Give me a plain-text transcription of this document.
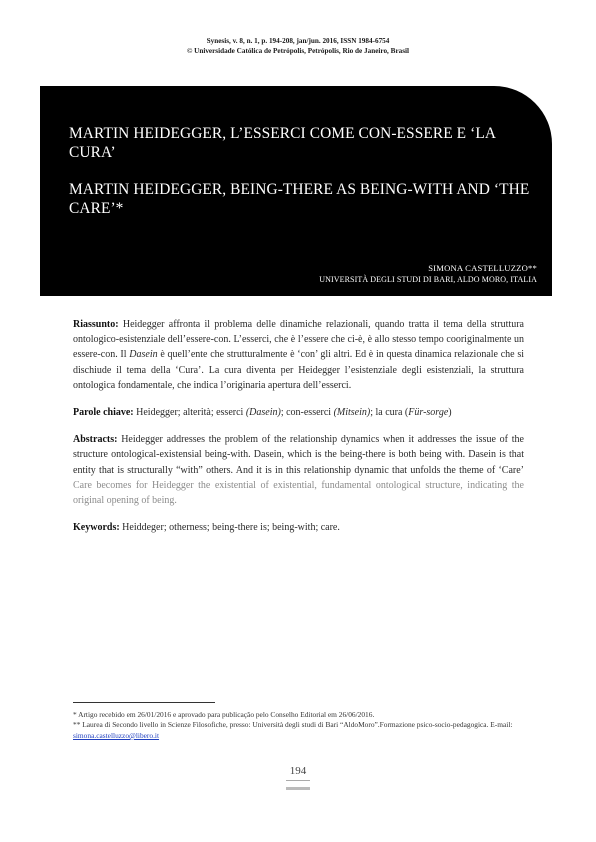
Synesis, v. 8, n. 1, p. 194-208, jan/jun. 2016, ISSN 1984-6754
© Universidade Católica de Petrópolis, Petrópolis, Rio de Janeiro, Brasil
MARTIN HEIDEGGER, L’ESSERCI COME CON-ESSERE E ‘LA CURA’
MARTIN HEIDEGGER, BEING-THERE AS BEING-WITH AND ‘THE CARE’*
SIMONA CASTELLUZZO**
UNIVERSITÀ DEGLI STUDI DI BARI, ALDO MORO, ITALIA

Riassunto: Heidegger affronta il problema delle dinamiche relazionali, quando tratta il tema della struttura ontologico-esistenziale dell’essere-con. L’esserci, che è l’essere che ci-è, è allo stesso tempo cooriginalmente un essere-con. Il Dasein è quell’ente che strutturalmente è ‘con’ gli altri. Ed è in questa dinamica relazionale che si dischiude il tema della ‘Cura’. La cura diventa per Heidegger l’esistenziale degli esistenziali, la struttura ontologica fondamentale, che indica l’originaria apertura dell’esserci.

Parole chiave: Heidegger; alterità; esserci (Dasein); con-esserci (Mitsein); la cura (Für-sorge)

Abstracts: Heidegger addresses the problem of the relationship dynamics when it addresses the issue of the structure ontological-existensial being-with. Dasein, which is the being-there is both being with. Dasein is that entity that is structurally “with” others. And it is in this relationship dynamic that unfolds the theme of ‘Care’ Care becomes for Heidegger the existential of existential, fundamental ontological structure, indicating the original opening of being.

Keywords: Heiddeger; otherness; being-there is; being-with; care.

* Artigo recebido em 26/01/2016 e aprovado para publicação pelo Conselho Editorial em 26/06/2016.

** Laurea di Secondo livello in Scienze Filosofiche, presso: Università degli studi di Bari “AldoMoro”.Formazione psico-socio-pedagogica. E-mail: simona.castelluzzo@libero.it

194
